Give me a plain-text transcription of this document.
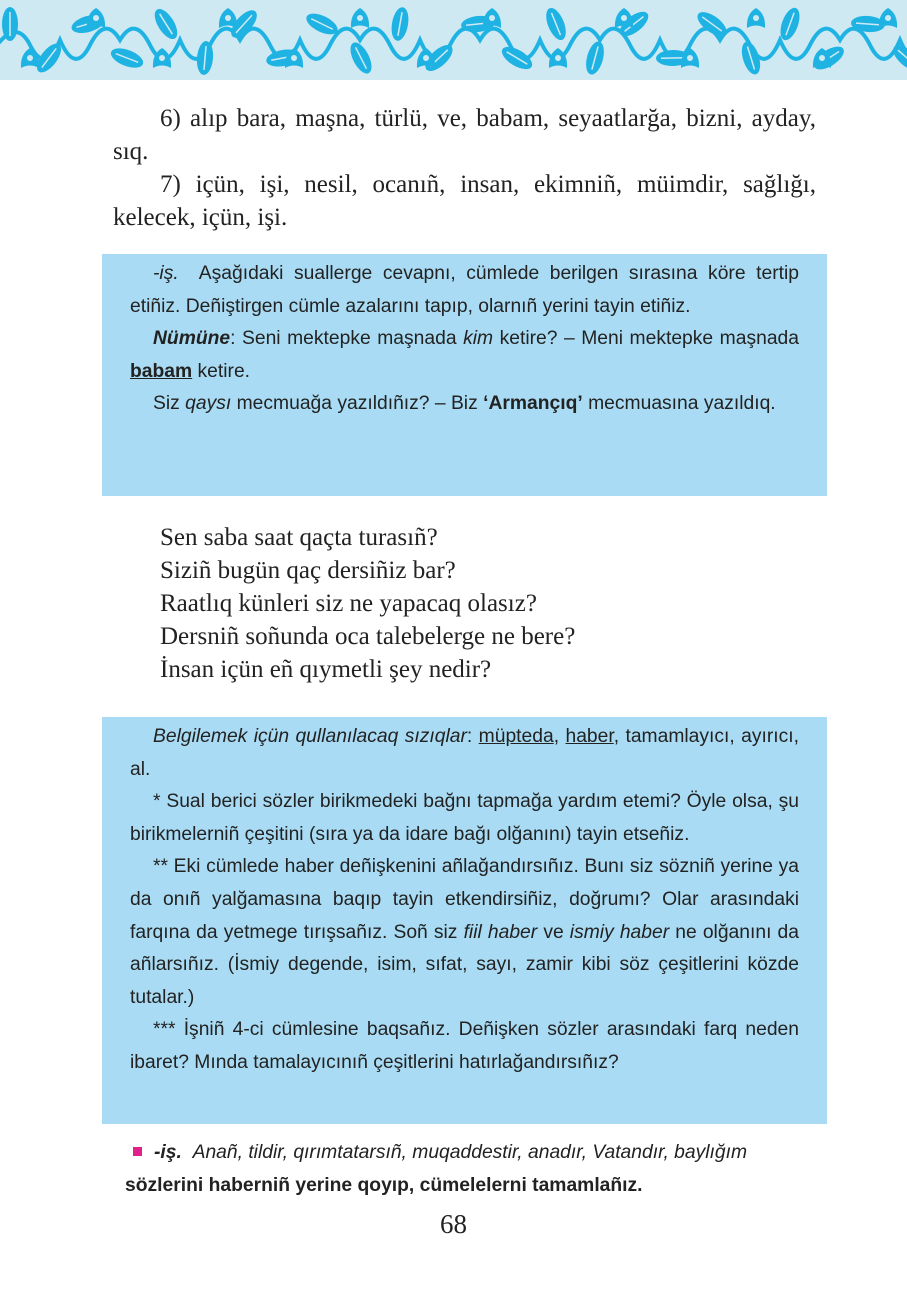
6) alıp bara, maşna, türlü, ve, babam, seyaatlarğa, bizni, ayday, sıq.

7) içün, işi, nesil, ocanıñ, insan, ekimniñ, müimdir, sağlığı, kelecek, içün, işi.

-iş. Aşağıdaki suallerge cevapnı, cümlede berilgen sırasına köre tertip etiñiz. Deñiştirgen cümle azalarını tapıp, olarnıñ yerini tayin etiñiz.

Nümüne: Seni mektepke maşnada kim ketire? – Meni mektepke maşnada babam ketire.

Siz qaysı mecmuağa yazıldıñız? – Biz ‘Armançıq’ mecmuasına yazıldıq.

Sen saba saat qaçta turasıñ?
Siziñ bugün qaç dersiñiz bar?
Raatlıq künleri siz ne yapacaq olasız?
Dersniñ soñunda oca talebelerge ne bere?
İnsan içün eñ qıymetli şey nedir?

Belgilemek içün qullanılacaq sızıqlar: müpteda, haber, tamamlayıcı, ayırıcı, al.

* Sual berici sözler birikmedeki bağnı tapmağa yardım etemi? Öyle olsa, şu birikmelerniñ çeşitini (sıra ya da idare bağı olğanını) tayin etseñiz.

** Eki cümlede haber deñişkenini añlağandırsıñız. Bunı siz sözniñ yerine ya da onıñ yalğamasına baqıp tayin etkendirsiñiz, doğrumı? Olar arasındaki farqına da yetmege tırışsañız. Soñ siz fiil haber ve ismiy haber ne olğanını da añlarsıñız. (İsmiy degende, isim, sıfat, sayı, zamir kibi söz çeşitlerini közde tutalar.)

*** İşniñ 4-ci cümlesine baqsañız. Deñişken sözler arasındaki farq neden ibaret? Mında tamalayıcınıñ çeşitlerini hatırlağandırsıñız?

-iş. Anañ, tildir, qırımtatarsıñ, muqaddestir, anadır, Vatandır, baylığım sözlerini haberniñ yerine qoyıp, cümelelerni tamamlañız.
68
